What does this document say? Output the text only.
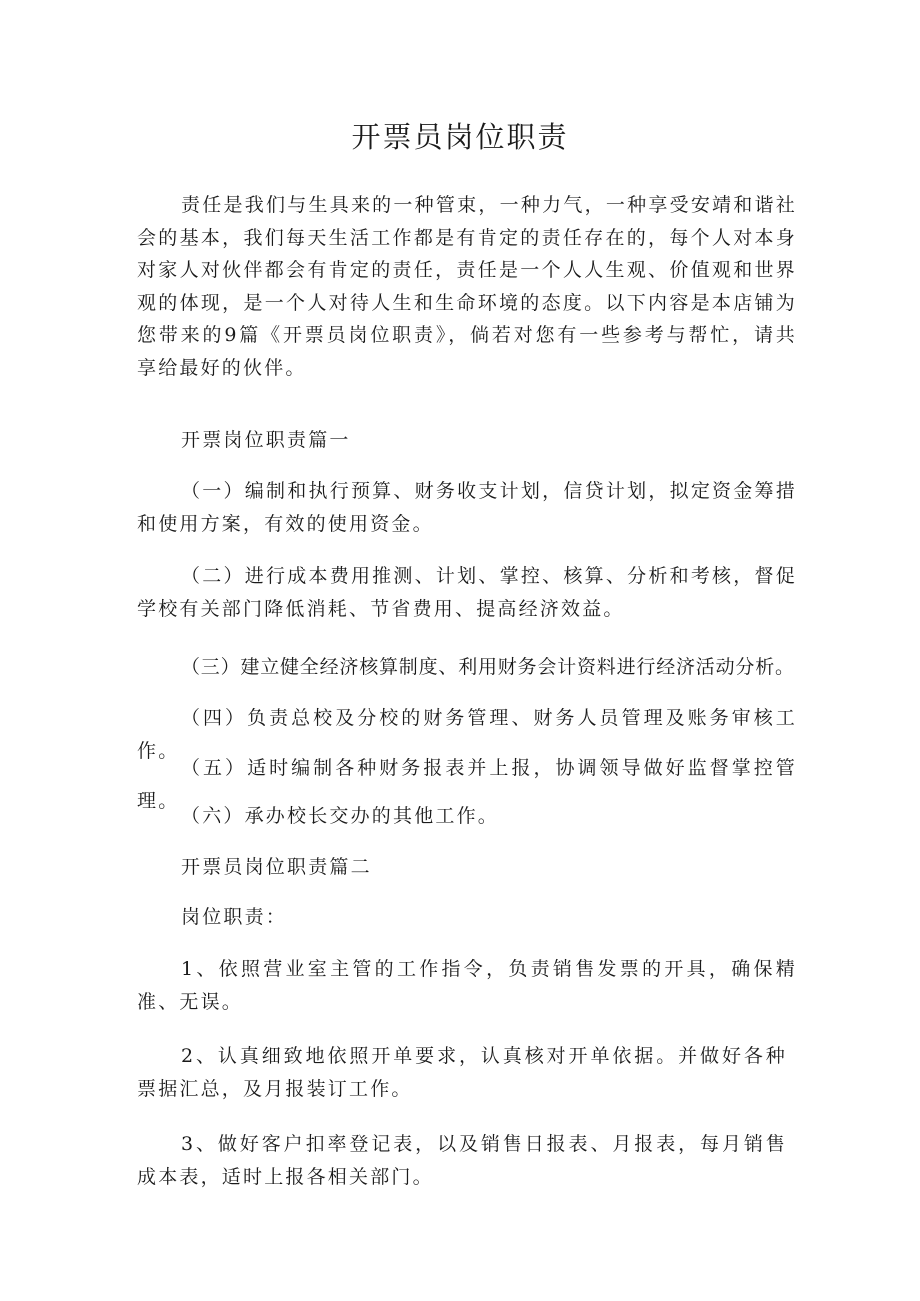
开票员岗位职责

责任是我们与生具来的一种管束，一种力气，一种享受安靖和谐社会的基本，我们每天生活工作都是有肯定的责任存在的，每个人对本身对家人对伙伴都会有肯定的责任，责任是一个人人生观、价值观和世界观的体现，是一个人对待人生和生命环境的态度。以下内容是本店铺为您带来的9篇《开票员岗位职责》，倘若对您有一些参考与帮忙，请共享给最好的伙伴。

开票岗位职责篇一

（一）编制和执行预算、财务收支计划，信贷计划，拟定资金筹措和使用方案，有效的使用资金。

（二）进行成本费用推测、计划、掌控、核算、分析和考核，督促学校有关部门降低消耗、节省费用、提高经济效益。

（三）建立健全经济核算制度、利用财务会计资料进行经济活动分析。

（四）负责总校及分校的财务管理、财务人员管理及账务审核工作。

（五）适时编制各种财务报表并上报，协调领导做好监督掌控管理。

（六）承办校长交办的其他工作。

开票员岗位职责篇二

岗位职责：

1、依照营业室主管的工作指令，负责销售发票的开具，确保精准、无误。

2、认真细致地依照开单要求，认真核对开单依据。并做好各种票据汇总，及月报装订工作。

3、做好客户扣率登记表，以及销售日报表、月报表，每月销售成本表，适时上报各相关部门。
